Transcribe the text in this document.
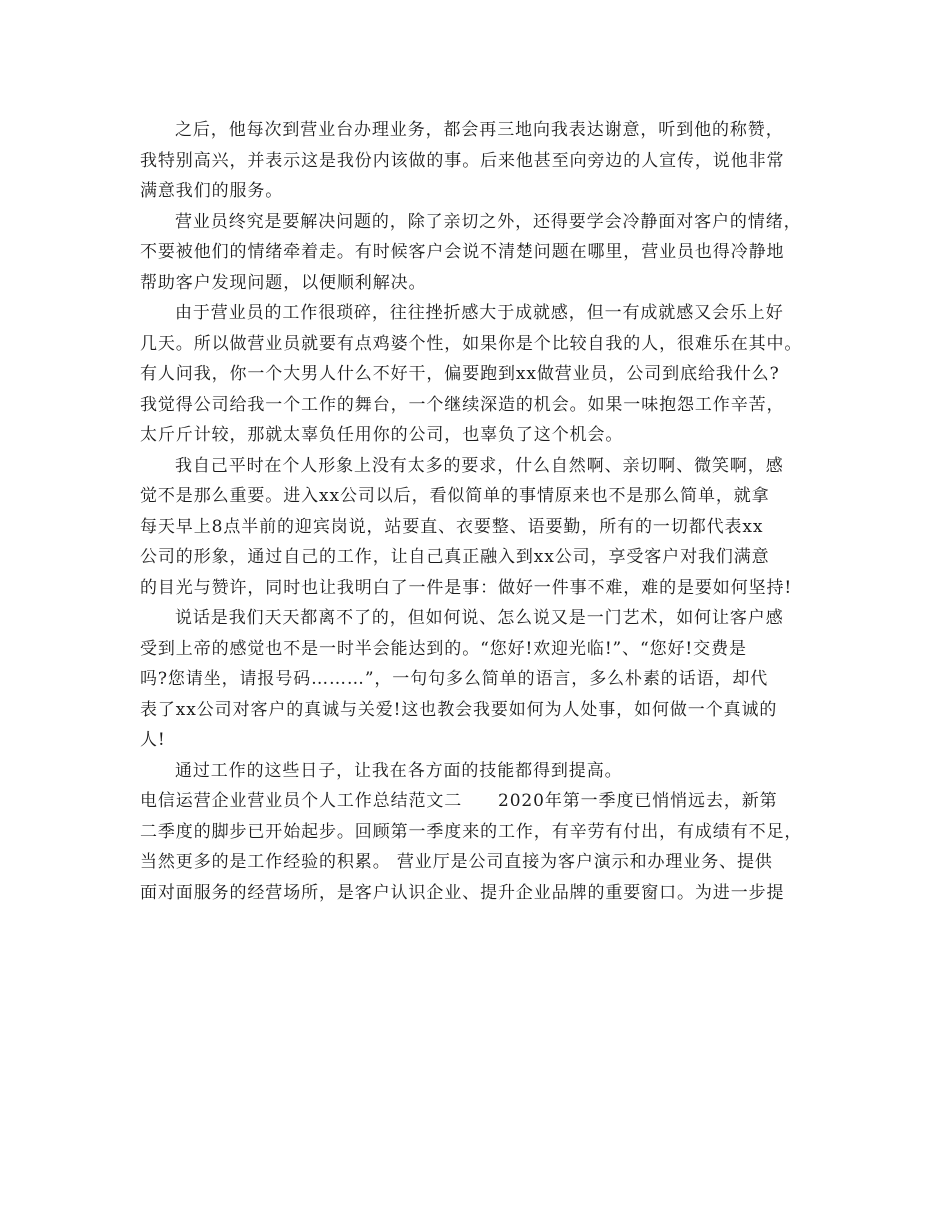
之后，他每次到营业台办理业务，都会再三地向我表达谢意，听到他的称赞，
我特别高兴，并表示这是我份内该做的事。后来他甚至向旁边的人宣传，说他非常
满意我们的服务。
营业员终究是要解决问题的，除了亲切之外，还得要学会冷静面对客户的情绪，
不要被他们的情绪牵着走。有时候客户会说不清楚问题在哪里，营业员也得冷静地
帮助客户发现问题，以便顺利解决。
由于营业员的工作很琐碎，往往挫折感大于成就感，但一有成就感又会乐上好
几天。所以做营业员就要有点鸡婆个性，如果你是个比较自我的人，很难乐在其中。
有人问我，你一个大男人什么不好干，偏要跑到xx做营业员，公司到底给我什么?
我觉得公司给我一个工作的舞台，一个继续深造的机会。如果一味抱怨工作辛苦，
太斤斤计较，那就太辜负任用你的公司，也辜负了这个机会。
我自己平时在个人形象上没有太多的要求，什么自然啊、亲切啊、微笑啊，感
觉不是那么重要。进入xx公司以后，看似简单的事情原来也不是那么简单，就拿
每天早上8点半前的迎宾岗说，站要直、衣要整、语要勤，所有的一切都代表xx
公司的形象，通过自己的工作，让自己真正融入到xx公司，享受客户对我们满意
的目光与赞许，同时也让我明白了一件是事：做好一件事不难，难的是要如何坚持!
说话是我们天天都离不了的，但如何说、怎么说又是一门艺术，如何让客户感
受到上帝的感觉也不是一时半会能达到的。“您好!欢迎光临!”、“您好!交费是
吗?您请坐，请报号码………”，一句句多么简单的语言，多么朴素的话语，却代
表了xx公司对客户的真诚与关爱!这也教会我要如何为人处事，如何做一个真诚的
人!
通过工作的这些日子，让我在各方面的技能都得到提高。
电信运营企业营业员个人工作总结范文二　　2020年第一季度已悄悄远去，新第
二季度的脚步已开始起步。回顾第一季度来的工作，有辛劳有付出，有成绩有不足，
当然更多的是工作经验的积累。 营业厅是公司直接为客户演示和办理业务、提供
面对面服务的经营场所，是客户认识企业、提升企业品牌的重要窗口。为进一步提
